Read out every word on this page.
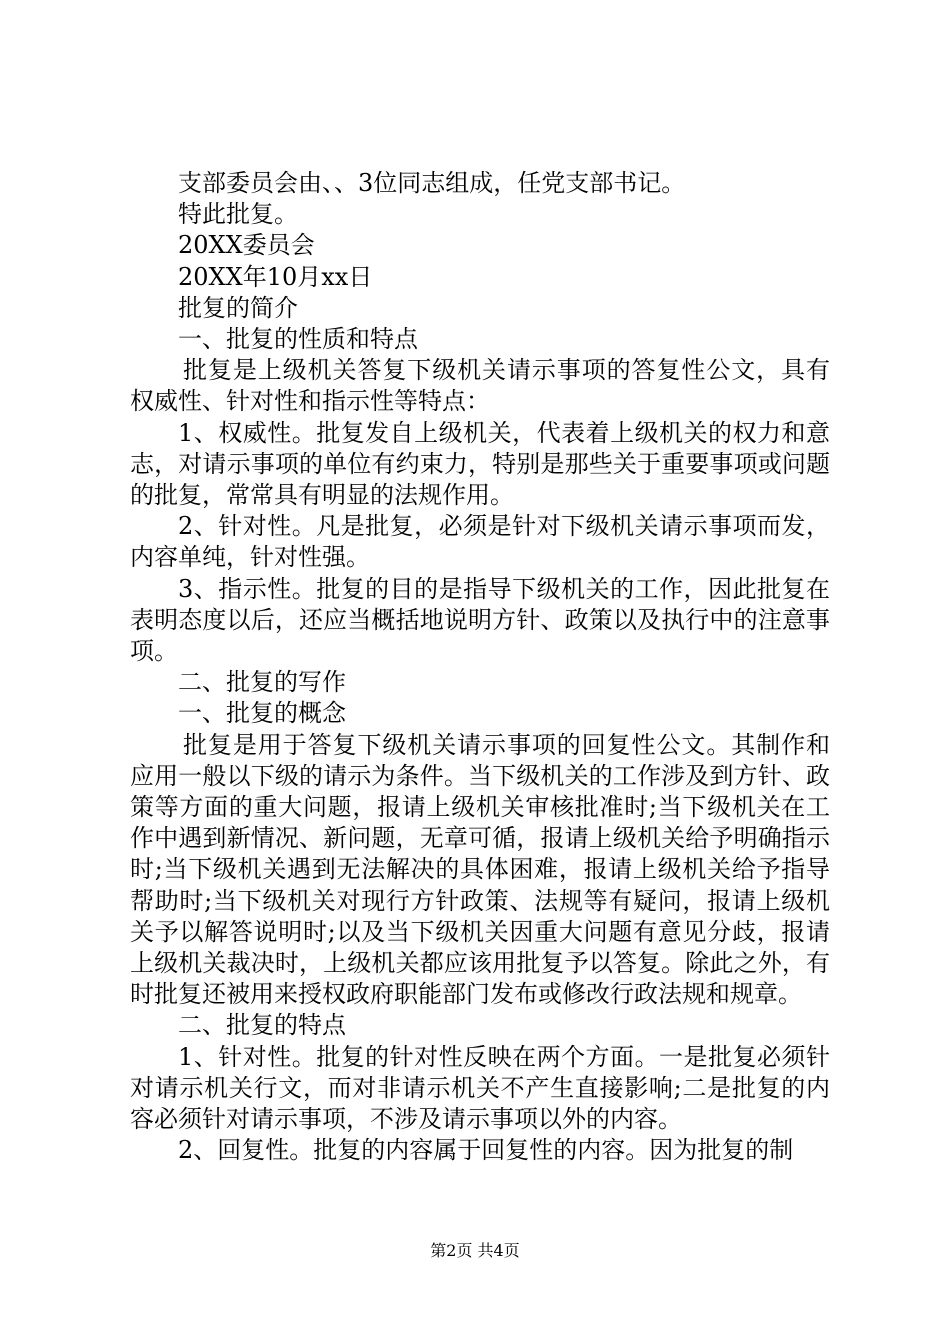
支部委员会由、、3位同志组成，任党支部书记。

特此批复。

20XX委员会

20XX年10月xx日

批复的简介

一、批复的性质和特点

批复是上级机关答复下级机关请示事项的答复性公文，具有权威性、针对性和指示性等特点：

1、权威性。批复发自上级机关，代表着上级机关的权力和意志，对请示事项的单位有约束力，特别是那些关于重要事项或问题的批复，常常具有明显的法规作用。

2、针对性。凡是批复，必须是针对下级机关请示事项而发，内容单纯，针对性强。

3、指示性。批复的目的是指导下级机关的工作，因此批复在表明态度以后，还应当概括地说明方针、政策以及执行中的注意事项。

二、批复的写作

一、批复的概念

批复是用于答复下级机关请示事项的回复性公文。其制作和应用一般以下级的请示为条件。当下级机关的工作涉及到方针、政策等方面的重大问题，报请上级机关审核批准时;当下级机关在工作中遇到新情况、新问题，无章可循，报请上级机关给予明确指示时;当下级机关遇到无法解决的具体困难，报请上级机关给予指导帮助时;当下级机关对现行方针政策、法规等有疑问，报请上级机关予以解答说明时;以及当下级机关因重大问题有意见分歧，报请上级机关裁决时，上级机关都应该用批复予以答复。除此之外，有时批复还被用来授权政府职能部门发布或修改行政法规和规章。

二、批复的特点

1、针对性。批复的针对性反映在两个方面。一是批复必须针对请示机关行文，而对非请示机关不产生直接影响;二是批复的内容必须针对请示事项，不涉及请示事项以外的内容。

2、回复性。批复的内容属于回复性的内容。因为批复的制

第2页 共4页
